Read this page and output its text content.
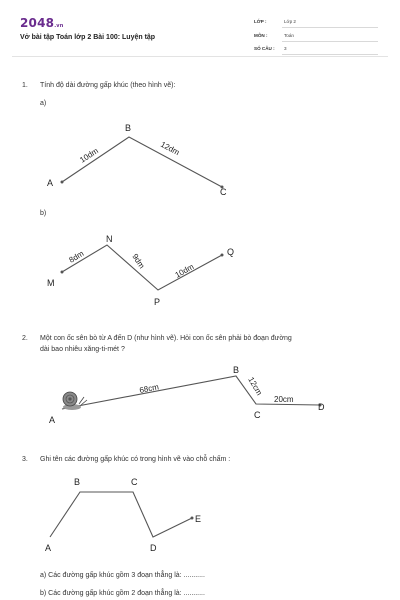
2048.vn
Vở bài tập Toán lớp 2 Bài 100: Luyện tập
LỚP :	Lớp 2
MÔN :	Toán
SỐ CÂU : 3
1. Tính độ dài đường gấp khúc (theo hình vẽ):
a)
A
B
C
10dm	12dm
M
N
P
Q
8dm	9dm
10dm
A
B
C
D
68cm	12cm
20cm
A
B	C
D
E
b)
2. Một con ốc sên bò từ A đến D (như hình vẽ). Hỏi con ốc sên phải bò đoạn đường
dài bao nhiêu xăng-ti-mét ?
3. Ghi tên các đường gấp khúc có trong hình vẽ vào chỗ chấm :
a) Các đường gấp khúc gồm 3 đoạn thẳng là: ...........
b) Các đường gấp khúc gồm 2 đoạn thẳng là: ...........
